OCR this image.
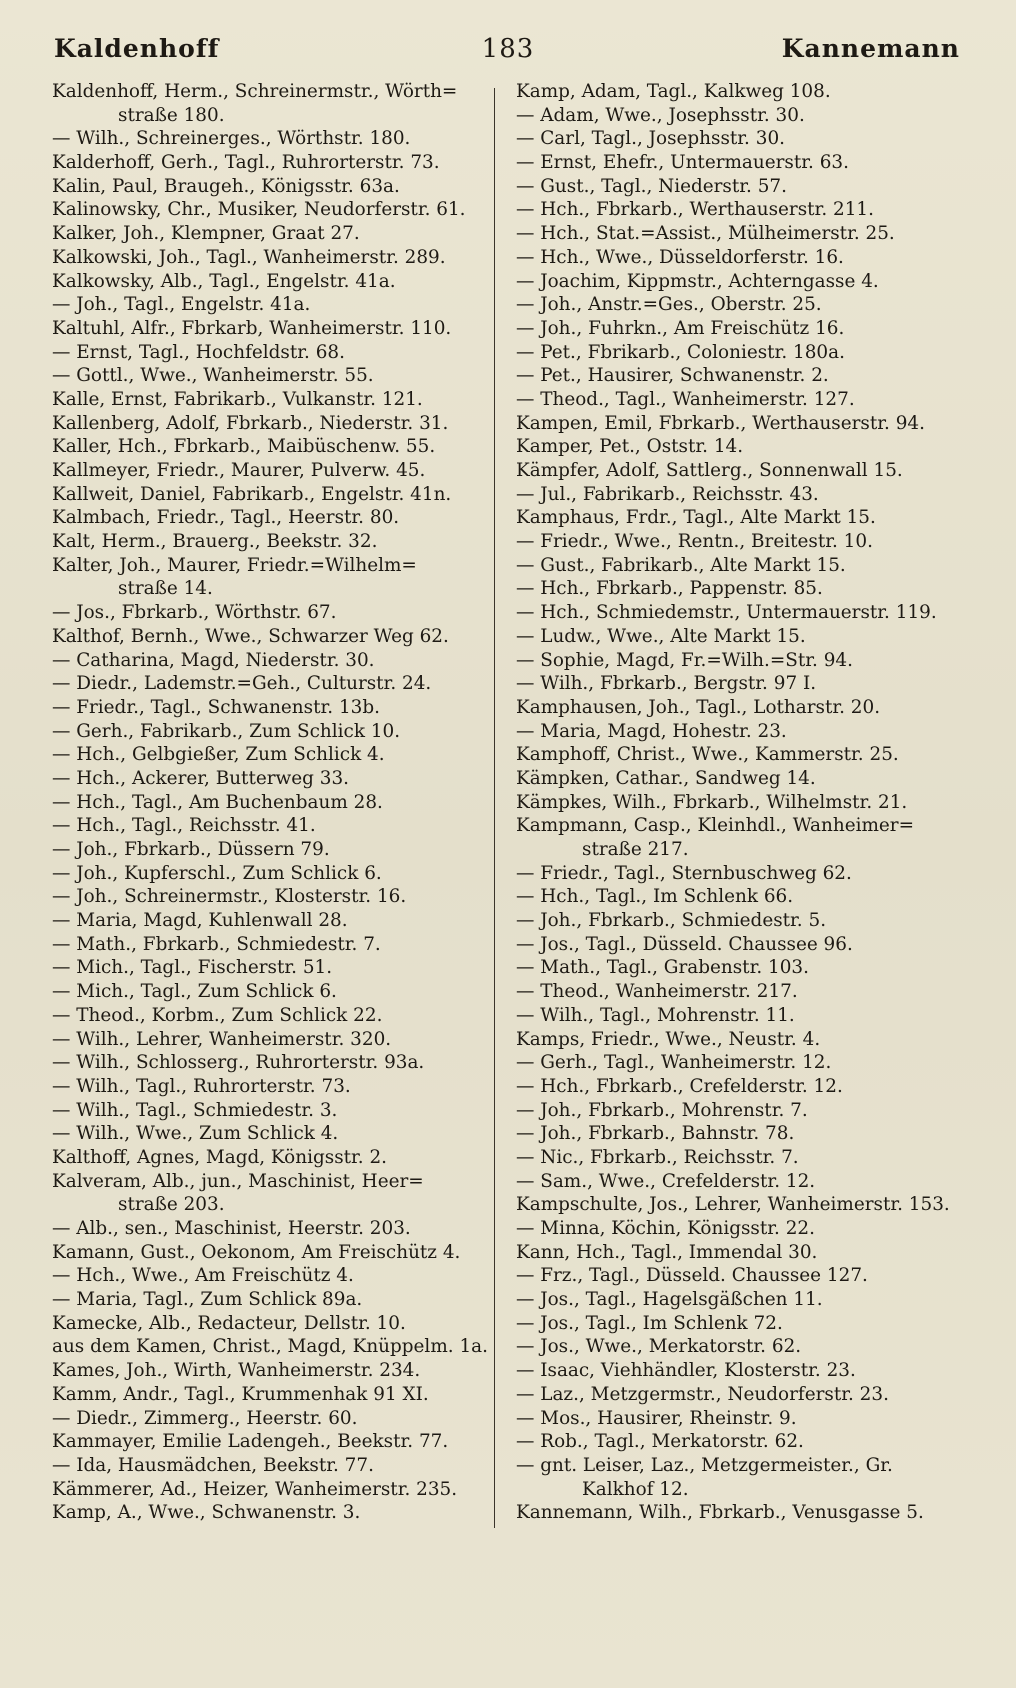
Kaldenhoff	183	Kannemann
Kaldenhoff, Herm., Schreinermstr., Wörth=
straße 180.
— Wilh., Schreinerges., Wörthstr. 180.
Kalderhoff, Gerh., Tagl., Ruhrorterstr. 73.
Kalin, Paul, Braugeh., Königsstr. 63a.
Kalinowsky, Chr., Musiker, Neudorferstr. 61.
Kalker, Joh., Klempner, Graat 27.
Kalkowski, Joh., Tagl., Wanheimerstr. 289.
Kalkowsky, Alb., Tagl., Engelstr. 41a.
— Joh., Tagl., Engelstr. 41a.
Kaltuhl, Alfr., Fbrkarb, Wanheimerstr. 110.
— Ernst, Tagl., Hochfeldstr. 68.
— Gottl., Wwe., Wanheimerstr. 55.
Kalle, Ernst, Fabrikarb., Vulkanstr. 121.
Kallenberg, Adolf, Fbrkarb., Niederstr. 31.
Kaller, Hch., Fbrkarb., Maibüschenw. 55.
Kallmeyer, Friedr., Maurer, Pulverw. 45.
Kallweit, Daniel, Fabrikarb., Engelstr. 41n.
Kalmbach, Friedr., Tagl., Heerstr. 80.
Kalt, Herm., Brauerg., Beekstr. 32.
Kalter, Joh., Maurer, Friedr.=Wilhelm=
straße 14.
— Jos., Fbrkarb., Wörthstr. 67.
Kalthof, Bernh., Wwe., Schwarzer Weg 62.
— Catharina, Magd, Niederstr. 30.
— Diedr., Lademstr.=Geh., Culturstr. 24.
— Friedr., Tagl., Schwanenstr. 13b.
— Gerh., Fabrikarb., Zum Schlick 10.
— Hch., Gelbgießer, Zum Schlick 4.
— Hch., Ackerer, Butterweg 33.
— Hch., Tagl., Am Buchenbaum 28.
— Hch., Tagl., Reichsstr. 41.
— Joh., Fbrkarb., Düssern 79.
— Joh., Kupferschl., Zum Schlick 6.
— Joh., Schreinermstr., Klosterstr. 16.
— Maria, Magd, Kuhlenwall 28.
— Math., Fbrkarb., Schmiedestr. 7.
— Mich., Tagl., Fischerstr. 51.
— Mich., Tagl., Zum Schlick 6.
— Theod., Korbm., Zum Schlick 22.
— Wilh., Lehrer, Wanheimerstr. 320.
— Wilh., Schlosserg., Ruhrorterstr. 93a.
— Wilh., Tagl., Ruhrorterstr. 73.
— Wilh., Tagl., Schmiedestr. 3.
— Wilh., Wwe., Zum Schlick 4.
Kalthoff, Agnes, Magd, Königsstr. 2.
Kalveram, Alb., jun., Maschinist, Heer=
straße 203.
— Alb., sen., Maschinist, Heerstr. 203.
Kamann, Gust., Oekonom, Am Freischütz 4.
— Hch., Wwe., Am Freischütz 4.
— Maria, Tagl., Zum Schlick 89a.
Kamecke, Alb., Redacteur, Dellstr. 10.
aus dem Kamen, Christ., Magd, Knüppelm. 1a.
Kames, Joh., Wirth, Wanheimerstr. 234.
Kamm, Andr., Tagl., Krummenhak 91 XI.
— Diedr., Zimmerg., Heerstr. 60.
Kammayer, Emilie Ladengeh., Beekstr. 77.
— Ida, Hausmädchen, Beekstr. 77.
Kämmerer, Ad., Heizer, Wanheimerstr. 235.
Kamp, A., Wwe., Schwanenstr. 3.
Kamp, Adam, Tagl., Kalkweg 108.
— Adam, Wwe., Josephsstr. 30.
— Carl, Tagl., Josephsstr. 30.
— Ernst, Ehefr., Untermauerstr. 63.
— Gust., Tagl., Niederstr. 57.
— Hch., Fbrkarb., Werthauserstr. 211.
— Hch., Stat.=Assist., Mülheimerstr. 25.
— Hch., Wwe., Düsseldorferstr. 16.
— Joachim, Kippmstr., Achterngasse 4.
— Joh., Anstr.=Ges., Oberstr. 25.
— Joh., Fuhrkn., Am Freischütz 16.
— Pet., Fbrikarb., Coloniestr. 180a.
— Pet., Hausirer, Schwanenstr. 2.
— Theod., Tagl., Wanheimerstr. 127.
Kampen, Emil, Fbrkarb., Werthauserstr. 94.
Kamper, Pet., Oststr. 14.
Kämpfer, Adolf, Sattlerg., Sonnenwall 15.
— Jul., Fabrikarb., Reichsstr. 43.
Kamphaus, Frdr., Tagl., Alte Markt 15.
— Friedr., Wwe., Rentn., Breitestr. 10.
— Gust., Fabrikarb., Alte Markt 15.
— Hch., Fbrkarb., Pappenstr. 85.
— Hch., Schmiedemstr., Untermauerstr. 119.
— Ludw., Wwe., Alte Markt 15.
— Sophie, Magd, Fr.=Wilh.=Str. 94.
— Wilh., Fbrkarb., Bergstr. 97 I.
Kamphausen, Joh., Tagl., Lotharstr. 20.
— Maria, Magd, Hohestr. 23.
Kamphoff, Christ., Wwe., Kammerstr. 25.
Kämpken, Cathar., Sandweg 14.
Kämpkes, Wilh., Fbrkarb., Wilhelmstr. 21.
Kampmann, Casp., Kleinhdl., Wanheimer=
straße 217.
— Friedr., Tagl., Sternbuschweg 62.
— Hch., Tagl., Im Schlenk 66.
— Joh., Fbrkarb., Schmiedestr. 5.
— Jos., Tagl., Düsseld. Chaussee 96.
— Math., Tagl., Grabenstr. 103.
— Theod., Wanheimerstr. 217.
— Wilh., Tagl., Mohrenstr. 11.
Kamps, Friedr., Wwe., Neustr. 4.
— Gerh., Tagl., Wanheimerstr. 12.
— Hch., Fbrkarb., Crefelderstr. 12.
— Joh., Fbrkarb., Mohrenstr. 7.
— Joh., Fbrkarb., Bahnstr. 78.
— Nic., Fbrkarb., Reichsstr. 7.
— Sam., Wwe., Crefelderstr. 12.
Kampschulte, Jos., Lehrer, Wanheimerstr. 153.
— Minna, Köchin, Königsstr. 22.
Kann, Hch., Tagl., Immendal 30.
— Frz., Tagl., Düsseld. Chaussee 127.
— Jos., Tagl., Hagelsgäßchen 11.
— Jos., Tagl., Im Schlenk 72.
— Jos., Wwe., Merkatorstr. 62.
— Isaac, Viehhändler, Klosterstr. 23.
— Laz., Metzgermstr., Neudorferstr. 23.
— Mos., Hausirer, Rheinstr. 9.
— Rob., Tagl., Merkatorstr. 62.
— gnt. Leiser, Laz., Metzgermeister., Gr.
Kalkhof 12.
Kannemann, Wilh., Fbrkarb., Venusgasse 5.
